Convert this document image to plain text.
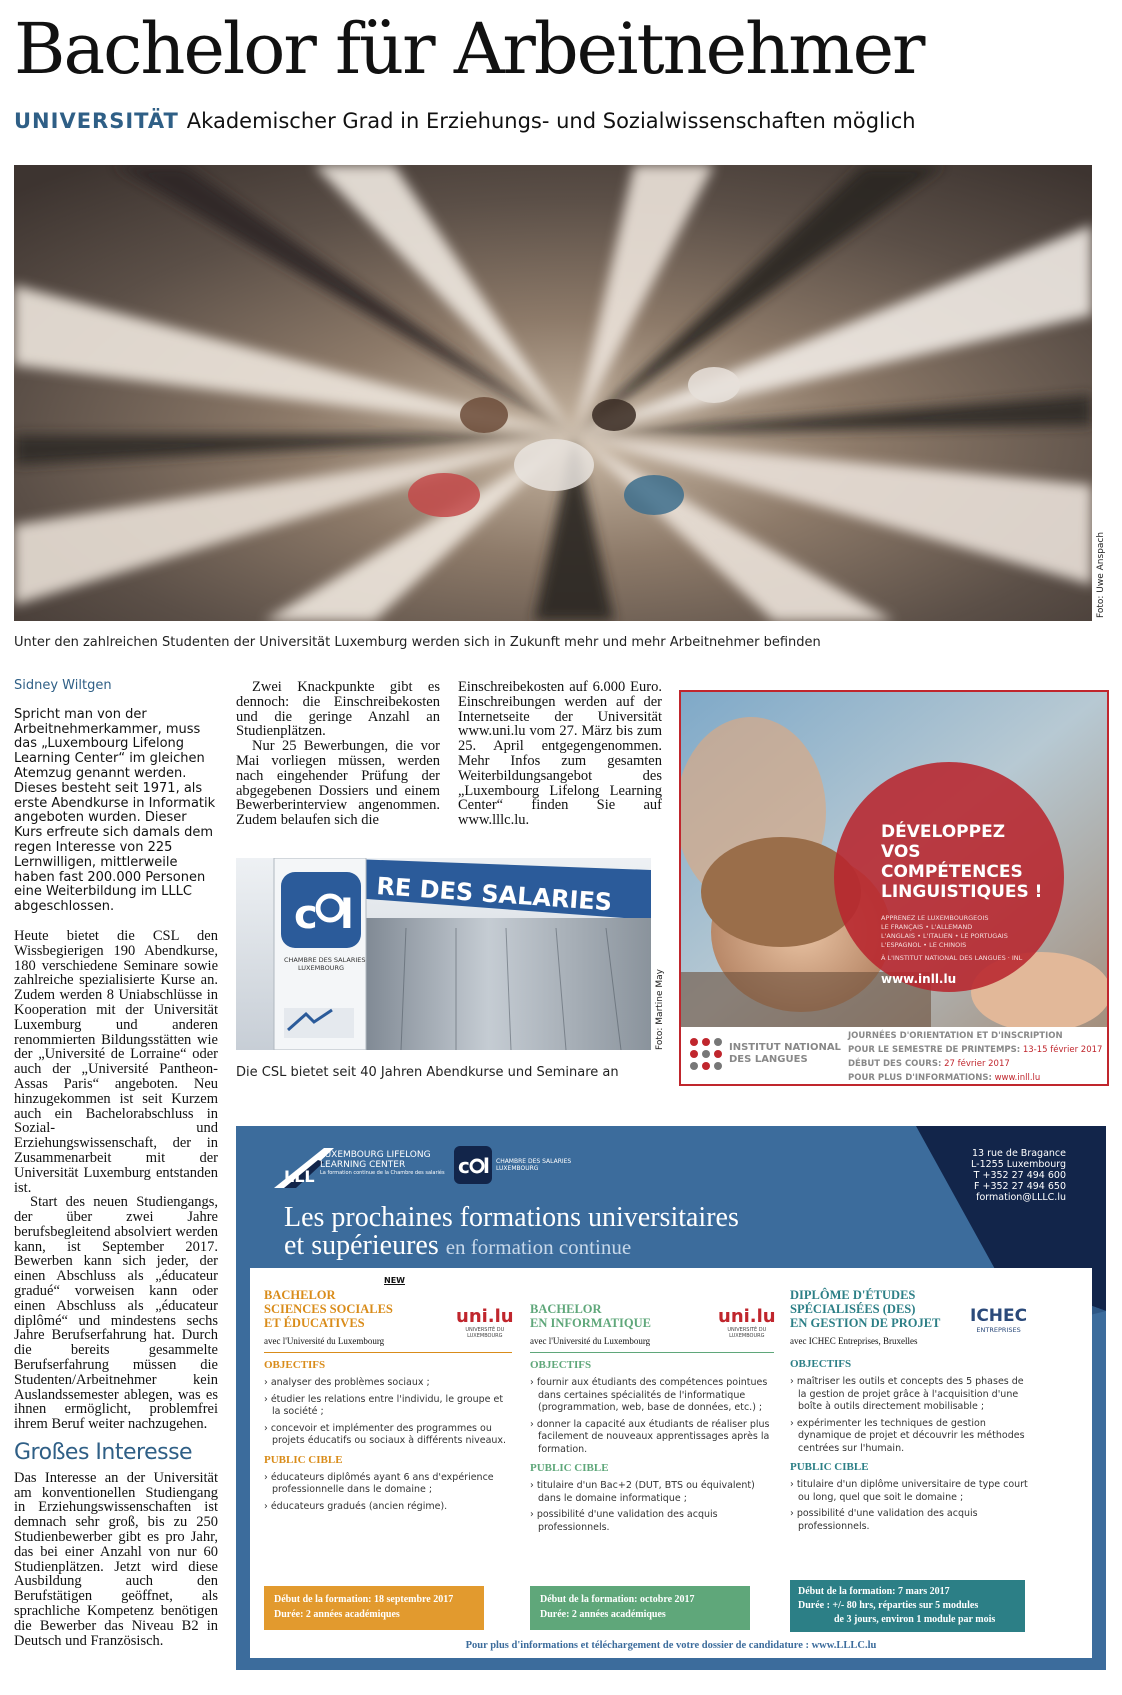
Bachelor für Arbeitnehmer
UNIVERSITÄT Akademischer Grad in Erziehungs- und Sozialwissenschaften möglich
Foto: Uwe Anspach
Unter den zahlreichen Studenten der Universität Luxemburg werden sich in Zukunft mehr und mehr Arbeitnehmer befinden
Sidney Wiltgen
Spricht man von der Arbeitnehmerkammer, muss das „Luxembourg Lifelong Learning Center“ im gleichen Atemzug genannt werden. Dieses besteht seit 1971, als erste Abendkurse in Informatik angeboten wurden. Dieser Kurs erfreute sich damals dem regen Interesse von 225 Lernwilligen, mittlerweile haben fast 200.000 Personen eine Weiterbildung im LLLC abgeschlossen.

Heute bietet die CSL den Wissbegierigen 190 Abendkurse, 180 verschiedene Seminare sowie zahlreiche spezialisierte Kurse an. Zudem werden 8 Uniabschlüsse in Kooperation mit der Universität Luxemburg und anderen renommierten Bildungsstätten wie der „Université de Lorraine“ oder auch der „Université Pantheon-Assas Paris“ angeboten. Neu hinzugekommen ist seit Kurzem auch ein Bachelorabschluss in Sozial- und Erziehungswissenschaft, der in Zusammenarbeit mit der Universität Luxemburg entstanden ist.

Start des neuen Studiengangs, der über zwei Jahre berufsbegleitend absolviert werden kann, ist September 2017. Bewerben kann sich jeder, der einen Abschluss als „éducateur gradué“ vorweisen kann oder einen Abschluss als „éducateur diplômé“ und mindestens sechs Jahre Berufserfahrung hat. Durch die bereits gesammelte Berufserfahrung müssen die Studenten/Arbeitnehmer kein Auslandssemester ablegen, was es ihnen ermöglicht, problemfrei ihrem Beruf weiter nachzugehen.

Großes Interesse

Das Interesse an der Universität am konventionellen Studiengang in Erziehungswissenschaften ist demnach sehr groß, bis zu 250 Studienbewerber gibt es pro Jahr, das bei einer Anzahl von nur 60 Studienplätzen. Jetzt wird diese Ausbildung auch den Berufstätigen geöffnet, als sprachliche Kompetenz benötigen die Bewerber das Niveau B2 in Deutsch und Französisch.

Zwei Knackpunkte gibt es dennoch: die Einschreibekosten und die geringe Anzahl an Studienplätzen.

Nur 25 Bewerbungen, die vor Mai vorliegen müssen, werden nach eingehender Prüfung der abgegebenen Dossiers und einem Bewerberinterview angenommen. Zudem belaufen sich die

Einschreibekosten auf 6.000 Euro. Einschreibungen werden auf der Internetseite der Universität www.uni.lu vom 27. März bis zum 25. April entgegengenommen. Mehr Infos zum gesamten Weiterbildungsangebot des „Luxembourg Lifelong Learning Center“ finden Sie auf www.lllc.lu.

RE DES SALARIES
c l
CHAMBRE DES SALARIES
LUXEMBOURG
Foto: Martine May
Die CSL bietet seit 40 Jahren Abendkurse und Seminare an
DÉVELOPPEZ
VOS
COMPÉTENCES
LINGUISTIQUES !
APPRENEZ LE LUXEMBOURGEOIS
LE FRANÇAIS • L'ALLEMAND
L'ANGLAIS • L'ITALIEN • LE PORTUGAIS
L'ESPAGNOL • LE CHINOIS
À L'INSTITUT NATIONAL DES LANGUES · INL
www.inll.lu
INSTITUT NATIONAL
DES LANGUES
JOURNÉES D'ORIENTATION ET D'INSCRIPTION
POUR LE SEMESTRE DE PRINTEMPS: 13-15 février 2017
DÉBUT DES COURS: 27 février 2017
POUR PLUS D'INFORMATIONS: www.inll.lu
LLL
LUXEMBOURG LIFELONG
LEARNING CENTER
La formation continue de la Chambre des salariés c l CHAMBRE DES SALARIES
LUXEMBOURG
13 rue de Bragance
L-1255 Luxembourg
T +352 27 494 600
F +352 27 494 650
formation@LLLC.lu
Les prochaines formations universitaires
et supérieures en formation continue
NEW
BACHELOR
SCIENCES SOCIALES
ET ÉDUCATIVES	uni.lu
UNIVERSITÉ DU
LUXEMBOURG
avec l'Université du Luxembourg
OBJECTIFS
› analyser des problèmes sociaux ;
› étudier les relations entre l'individu, le groupe et la société ;
› concevoir et implémenter des programmes ou projets éducatifs ou sociaux à différents niveaux.
PUBLIC CIBLE
› éducateurs diplômés ayant 6 ans d'expérience professionnelle dans le domaine ;
› éducateurs gradués (ancien régime).
Début de la formation: 18 septembre 2017
Durée: 2 années académiques
BACHELOR
EN INFORMATIQUE	uni.lu
UNIVERSITÉ DU
LUXEMBOURG
avec l'Université du Luxembourg
OBJECTIFS
› fournir aux étudiants des compétences pointues dans certaines spécialités de l'informatique (programmation, web, base de données, etc.) ;
› donner la capacité aux étudiants de réaliser plus facilement de nouveaux apprentissages après la formation.
PUBLIC CIBLE
› titulaire d'un Bac+2 (DUT, BTS ou équivalent) dans le domaine informatique ;
› possibilité d'une validation des acquis professionnels.
Début de la formation: octobre 2017
Durée: 2 années académiques
DIPLÔME D'ÉTUDES
SPÉCIALISÉES (DES)
EN GESTION DE PROJET	ICHEC
ENTREPRISES
avec ICHEC Entreprises, Bruxelles
OBJECTIFS
› maîtriser les outils et concepts des 5 phases de la gestion de projet grâce à l'acquisition d'une boîte à outils directement mobilisable ;
› expérimenter les techniques de gestion dynamique de projet et découvrir les méthodes centrées sur l'humain.
PUBLIC CIBLE
› titulaire d'un diplôme universitaire de type court ou long, quel que soit le domaine ;
› possibilité d'une validation des acquis professionnels.
Début de la formation: 7 mars 2017
Durée : +/- 80 hrs, réparties sur 5 modules
de 3 jours, environ 1 module par mois
Pour plus d'informations et téléchargement de votre dossier de candidature : www.LLLC.lu
